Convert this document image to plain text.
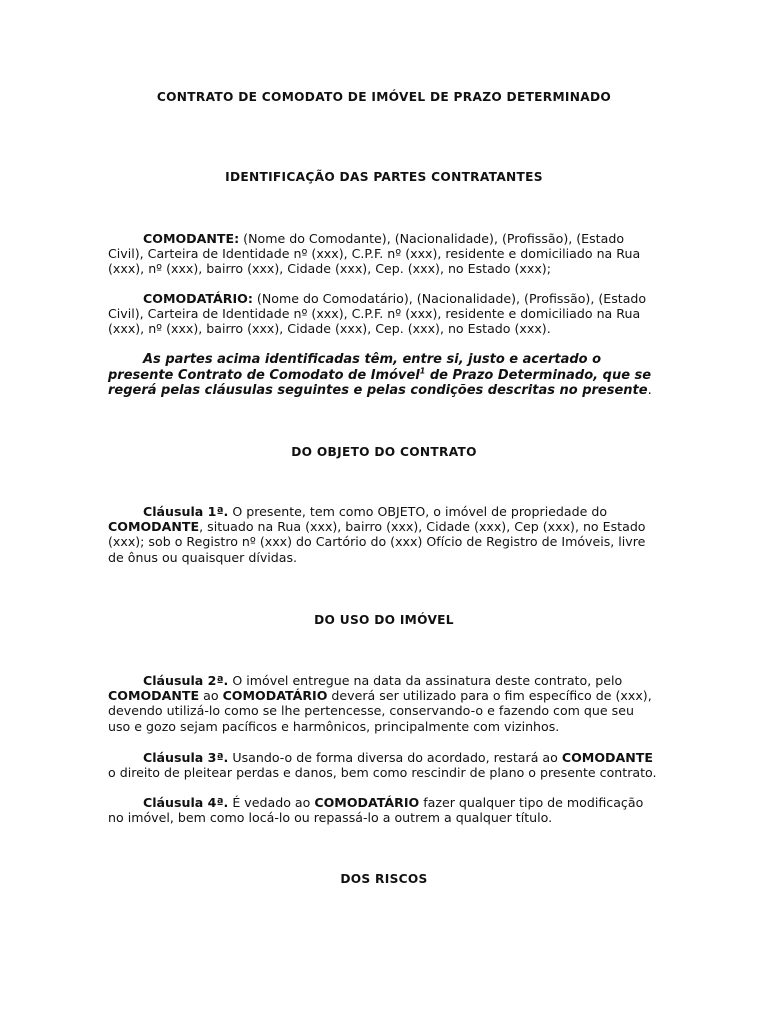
CONTRATO DE COMODATO DE IMÓVEL DE PRAZO DETERMINADO
IDENTIFICAÇÃO DAS PARTES CONTRATANTES
COMODANTE: (Nome do Comodante), (Nacionalidade), (Profissão), (Estado Civil), Carteira de Identidade nº (xxx), C.P.F. nº (xxx), residente e domiciliado na Rua (xxx), nº (xxx), bairro (xxx), Cidade (xxx), Cep. (xxx), no Estado (xxx);
COMODATÁRIO: (Nome do Comodatário), (Nacionalidade), (Profissão), (Estado Civil), Carteira de Identidade nº (xxx), C.P.F. nº (xxx), residente e domiciliado na Rua (xxx), nº (xxx), bairro (xxx), Cidade (xxx), Cep. (xxx), no Estado (xxx).
As partes acima identificadas têm, entre si, justo e acertado o presente Contrato de Comodato de Imóvel$^1$ de Prazo Determinado, que se regerá pelas cláusulas seguintes e pelas condições descritas no presente.
DO OBJETO DO CONTRATO
Cláusula 1ª. O presente, tem como OBJETO, o imóvel de propriedade do COMODANTE, situado na Rua (xxx), bairro (xxx), Cidade (xxx), Cep (xxx), no Estado (xxx); sob o Registro nº (xxx) do Cartório do (xxx) Ofício de Registro de Imóveis, livre de ônus ou quaisquer dívidas.
DO USO DO IMÓVEL
Cláusula 2ª. O imóvel entregue na data da assinatura deste contrato, pelo COMODANTE ao COMODATÁRIO deverá ser utilizado para o fim específico de (xxx), devendo utilizá-lo como se lhe pertencesse, conservando-o e fazendo com que seu uso e gozo sejam pacíficos e harmônicos, principalmente com vizinhos.
Cláusula 3ª. Usando-o de forma diversa do acordado, restará ao COMODANTE o direito de pleitear perdas e danos, bem como rescindir de plano o presente contrato.
Cláusula 4ª. É vedado ao COMODATÁRIO fazer qualquer tipo de modificação no imóvel, bem como locá-lo ou repassá-lo a outrem a qualquer título.
DOS RISCOS
